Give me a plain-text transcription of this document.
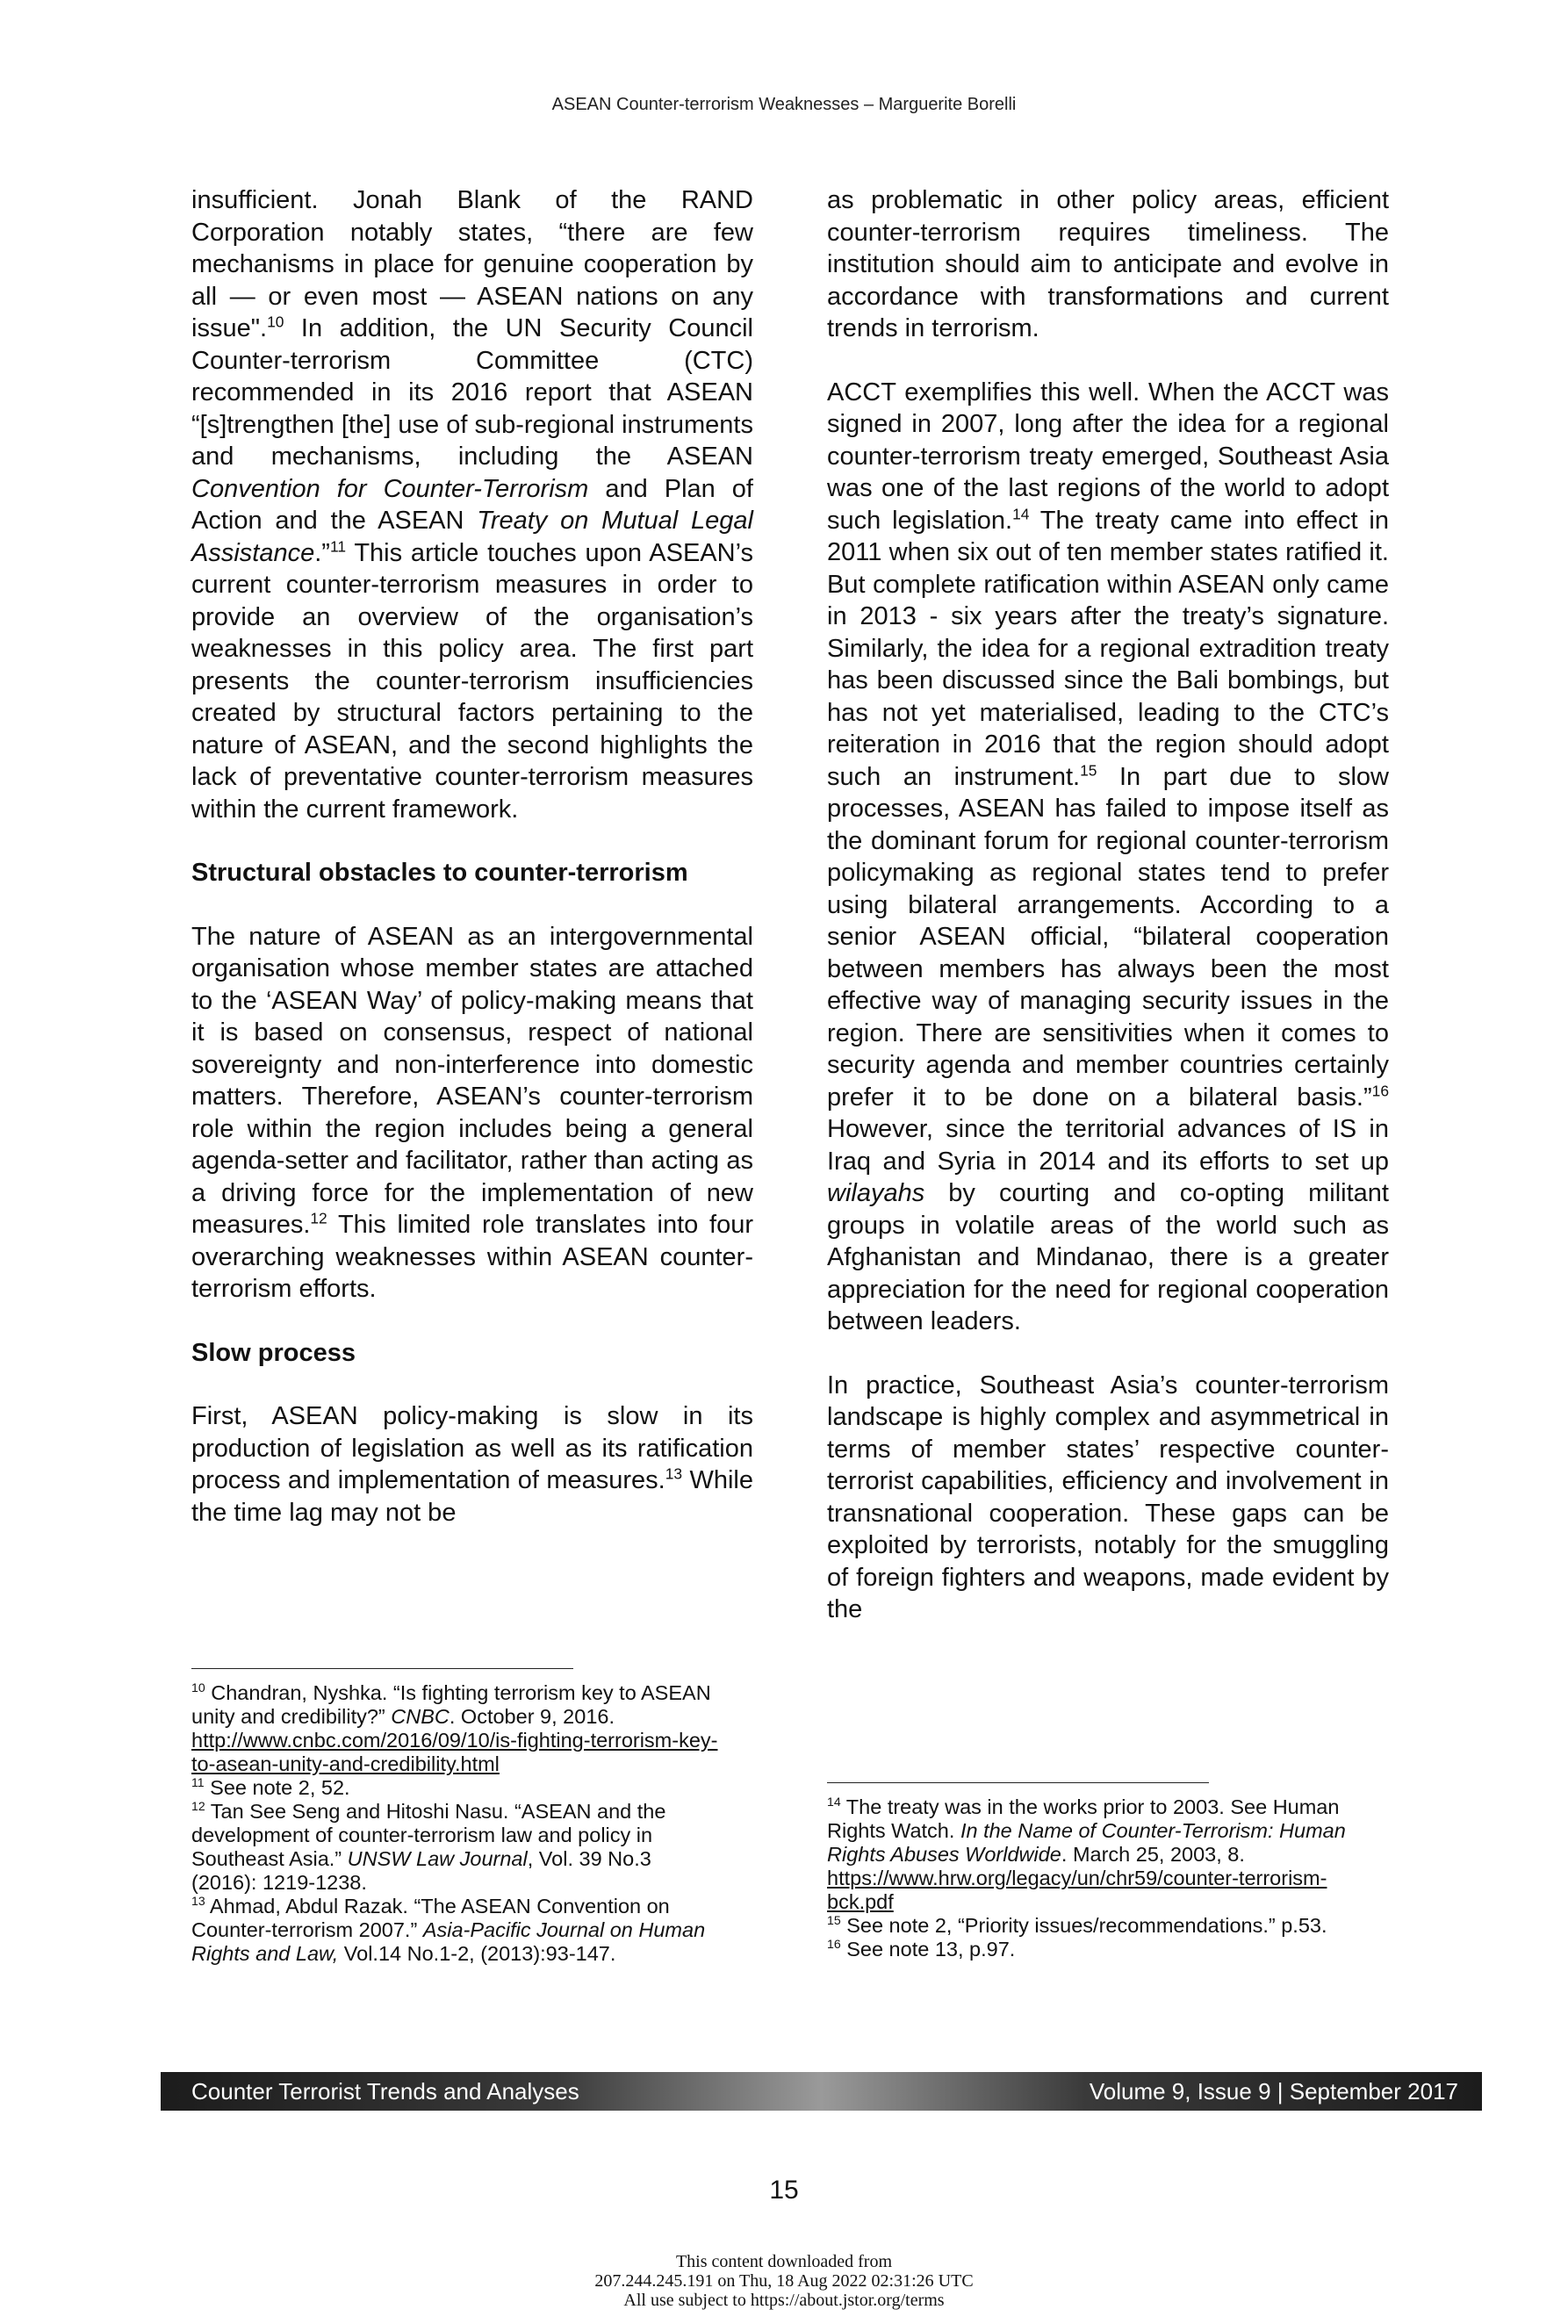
ASEAN Counter-terrorism Weaknesses – Marguerite Borelli

insufficient. Jonah Blank of the RAND Corporation notably states, “there are few mechanisms in place for genuine cooperation by all — or even most — ASEAN nations on any issue".$^{10}$ In addition, the UN Security Council Counter-terrorism Committee (CTC) recommended in its 2016 report that ASEAN “[s]trengthen [the] use of sub-regional instruments and mechanisms, including the ASEAN Convention for Counter-Terrorism and Plan of Action and the ASEAN Treaty on Mutual Legal Assistance.”$^{11}$ This article touches upon ASEAN’s current counter-terrorism measures in order to provide an overview of the organisation’s weaknesses in this policy area. The first part presents the counter-terrorism insufficiencies created by structural factors pertaining to the nature of ASEAN, and the second highlights the lack of preventative counter-terrorism measures within the current framework.

Structural obstacles to counter-terrorism

The nature of ASEAN as an intergovernmental organisation whose member states are attached to the ‘ASEAN Way’ of policy-making means that it is based on consensus, respect of national sovereignty and non-interference into domestic matters. Therefore, ASEAN’s counter-terrorism role within the region includes being a general agenda-setter and facilitator, rather than acting as a driving force for the implementation of new measures.$^{12}$ This limited role translates into four overarching weaknesses within ASEAN counter-terrorism efforts.

Slow process

First, ASEAN policy-making is slow in its production of legislation as well as its ratification process and implementation of measures.$^{13}$ While the time lag may not be

as problematic in other policy areas, efficient counter-terrorism requires timeliness. The institution should aim to anticipate and evolve in accordance with transformations and current trends in terrorism.

ACCT exemplifies this well. When the ACCT was signed in 2007, long after the idea for a regional counter-terrorism treaty emerged, Southeast Asia was one of the last regions of the world to adopt such legislation.$^{14}$ The treaty came into effect in 2011 when six out of ten member states ratified it. But complete ratification within ASEAN only came in 2013 - six years after the treaty’s signature. Similarly, the idea for a regional extradition treaty has been discussed since the Bali bombings, but has not yet materialised, leading to the CTC’s reiteration in 2016 that the region should adopt such an instrument.$^{15}$ In part due to slow processes, ASEAN has failed to impose itself as the dominant forum for regional counter-terrorism policymaking as regional states tend to prefer using bilateral arrangements. According to a senior ASEAN official, “bilateral cooperation between members has always been the most effective way of managing security issues in the region. There are sensitivities when it comes to security agenda and member countries certainly prefer it to be done on a bilateral basis.”$^{16}$ However, since the territorial advances of IS in Iraq and Syria in 2014 and its efforts to set up wilayahs by courting and co-opting militant groups in volatile areas of the world such as Afghanistan and Mindanao, there is a greater appreciation for the need for regional cooperation between leaders.

In practice, Southeast Asia’s counter-terrorism landscape is highly complex and asymmetrical in terms of member states’ respective counter-terrorist capabilities, efficiency and involvement in transnational cooperation. These gaps can be exploited by terrorists, notably for the smuggling of foreign fighters and weapons, made evident by the

$^{10}$ Chandran, Nyshka. “Is fighting terrorism key to ASEAN unity and credibility?” CNBC. October 9, 2016. http://www.cnbc.com/2016/09/10/is-fighting-terrorism-key-to-asean-unity-and-credibility.html

$^{11}$ See note 2, 52.

$^{12}$ Tan See Seng and Hitoshi Nasu. “ASEAN and the development of counter-terrorism law and policy in Southeast Asia.” UNSW Law Journal, Vol. 39 No.3 (2016): 1219-1238.

$^{13}$ Ahmad, Abdul Razak. “The ASEAN Convention on Counter-terrorism 2007.” Asia-Pacific Journal on Human Rights and Law, Vol.14 No.1-2, (2013):93-147.

$^{14}$ The treaty was in the works prior to 2003. See Human Rights Watch. In the Name of Counter-Terrorism: Human Rights Abuses Worldwide. March 25, 2003, 8. https://www.hrw.org/legacy/un/chr59/counter-terrorism-bck.pdf

$^{15}$ See note 2, “Priority issues/recommendations.” p.53.

$^{16}$ See note 13, p.97.

Counter Terrorist Trends and Analyses	Volume 9, Issue 9 | September 2017
15
This content downloaded from
207.244.245.191 on Thu, 18 Aug 2022 02:31:26 UTC
All use subject to https://about.jstor.org/terms
